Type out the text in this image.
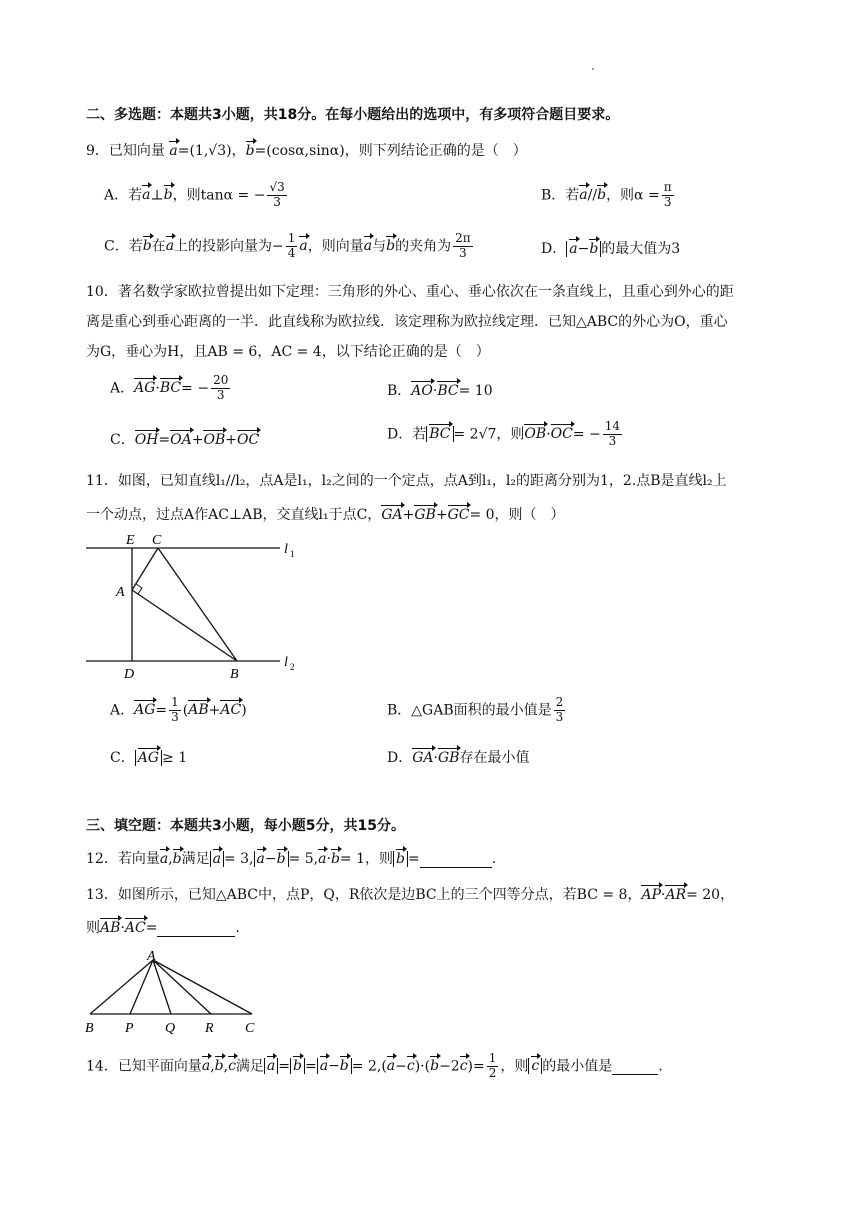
二、多选题：本题共3小题，共18分。在每小题给出的选项中，有多项符合题目要求。
9．已知向量 a=(1,√3)，b=(cosα,sinα)，则下列结论正确的是（　）
A．若a⊥b，则tanα = − $\frac{√3}{3}$	B．若a//b，则$\alpha = \frac{\pi}{3}$
C．若b在a上的投影向量为− $\frac{1}{4}$ a，则向量a与b的夹角为 $\frac{2\pi}{3}$	D． a−b 的最大值为3
10．著名数学家欧拉曾提出如下定理：三角形的外心、重心、垂心依次在一条直线上，且重心到外心的距
离是重心到垂心距离的一半．此直线称为欧拉线．该定理称为欧拉线定理．已知△ABC的外心为O，重心
为G，垂心为H，且AB = 6，AC = 4，以下结论正确的是（　）
A．$AG\cdot BC= - \frac{20}{3}$	B．AO·BC= 10
C．OH=OA+OB+OC	D．若 BC = 2√7，则$OB\cdot OC= - \frac{14}{3}$
11．如图，已知直线l₁//l₂，点A是l₁，l₂之间的一个定点，点A到l₁，l₂的距离分别为1，2.点B是直线l₂上
一个动点，过点A作AC⊥AB，交直线l₁于点C，GA+GB+GC= 0，则（　）
E C
A
D	B
l 1
l 2
A．$AG= \frac{1}{3} (AB+AC)$	B．△GAB面积的最小值是 $\frac{2}{3}$
C． AG ≥ 1	D．GA·GB存在最小值
三、填空题：本题共3小题，每小题5分，共15分。
12．若向量a,b满足 a = 3, a−b = 5,a·b= 1，则 b =	.
13．如图所示，已知△ABC中，点P，Q，R依次是边BC上的三个四等分点，若BC = 8，AP·AR= 20，
则AB·AC=	.
A
B P Q R C
14．已知平面向量a,b,c满足 $a = b = a-b = 2,(a-c)\cdot(b-2c)= \frac{1}{2}$ ，则 c 的最小值是	.
